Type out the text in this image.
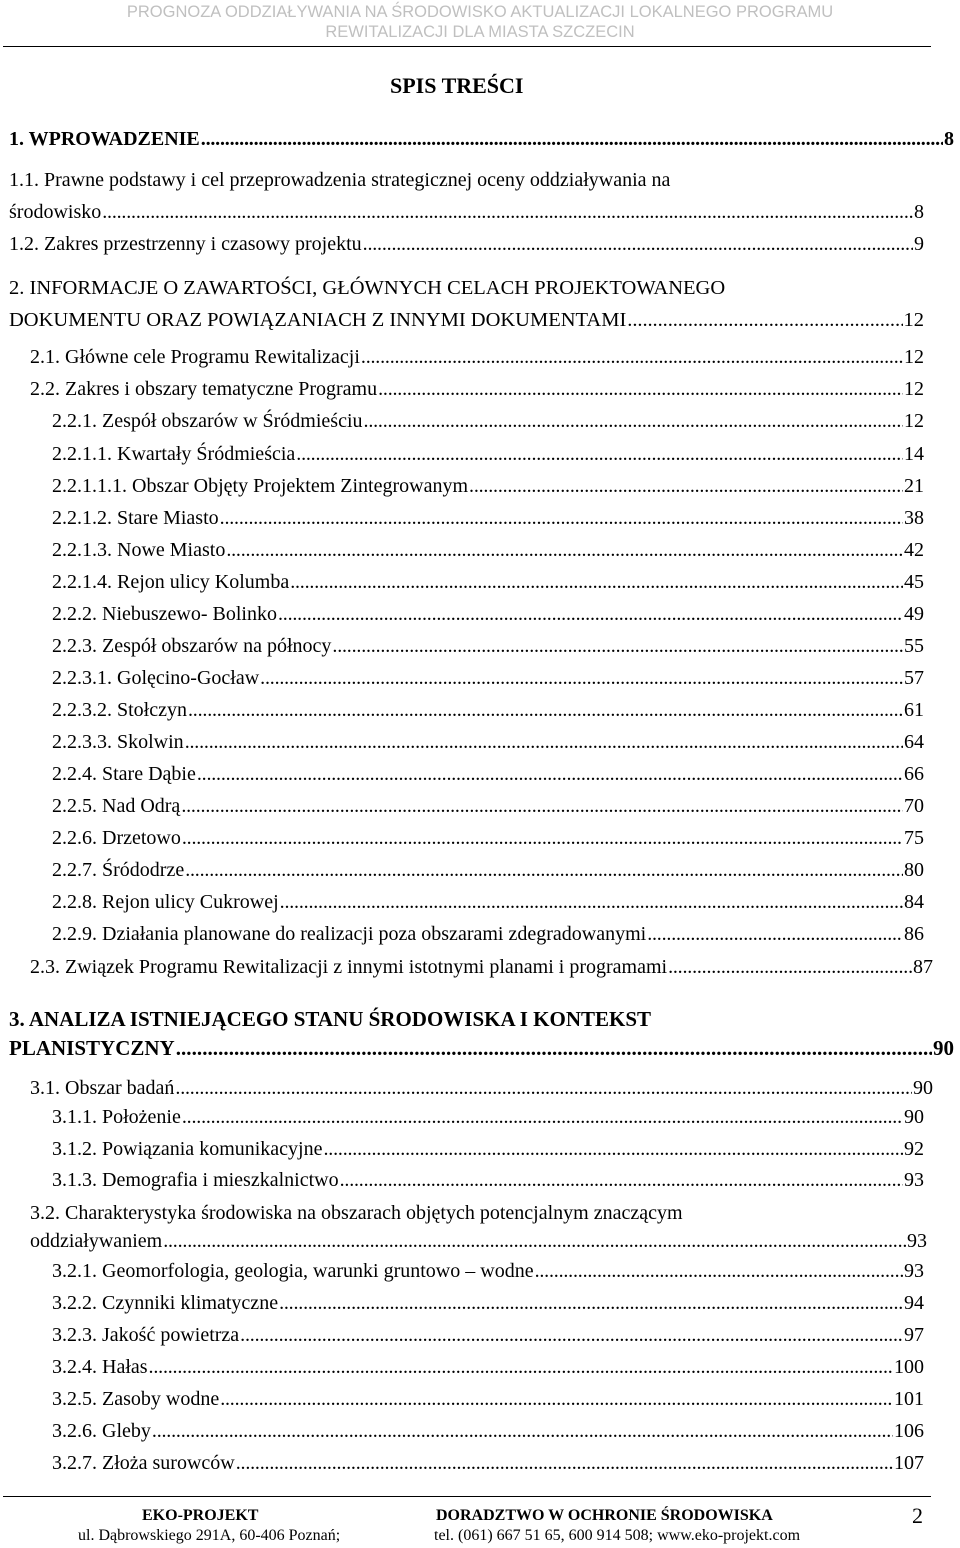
PROGNOZA ODDZIAŁYWANIA NA ŚRODOWISKO AKTUALIZACJI LOKALNEGO PROGRAMU
REWITALIZACJI DLA MIASTA SZCZECIN
SPIS TREŚCI
1. WPROWADZENIE . . .	8
1.1. Prawne podstawy i cel przeprowadzenia strategicznej oceny oddziaływania na
środowisko . . .	8
1.2. Zakres przestrzenny i czasowy projektu . . .	9
2. INFORMACJE O ZAWARTOŚCI, GŁÓWNYCH CELACH PROJEKTOWANEGO
DOKUMENTU ORAZ POWIĄZANIACH Z INNYMI DOKUMENTAMI . . .	12
2.1. Główne cele Programu Rewitalizacji . . .	12
2.2. Zakres i obszary tematyczne Programu . . .	12
2.2.1. Zespół obszarów w Śródmieściu . . .	12
2.2.1.1. Kwartały Śródmieścia . . .	14
2.2.1.1.1. Obszar Objęty Projektem Zintegrowanym . . .	21
2.2.1.2. Stare Miasto . . .	38
2.2.1.3. Nowe Miasto . . .	42
2.2.1.4. Rejon ulicy Kolumba . . .	45
2.2.2. Niebuszewo- Bolinko . . .	49
2.2.3. Zespół obszarów na północy . . .	55
2.2.3.1. Golęcino-Gocław . . .	57
2.2.3.2. Stołczyn . . .	61
2.2.3.3. Skolwin . . .	64
2.2.4. Stare Dąbie . . .	66
2.2.5. Nad Odrą . . .	70
2.2.6. Drzetowo . . .	75
2.2.7. Śródodrze . . .	80
2.2.8. Rejon ulicy Cukrowej . . .	84
2.2.9. Działania planowane do realizacji poza obszarami zdegradowanymi . . .	86
2.3. Związek Programu Rewitalizacji z innymi istotnymi planami i programami . . .	87
3. ANALIZA ISTNIEJĄCEGO STANU ŚRODOWISKA I KONTEKST
PLANISTYCZNY . . .	90
3.1. Obszar badań . . .	90
3.1.1. Położenie . . .	90
3.1.2. Powiązania komunikacyjne . . .	92
3.1.3. Demografia i mieszkalnictwo . . .	93
3.2. Charakterystyka środowiska na obszarach objętych potencjalnym znaczącym
oddziaływaniem . . .	93
3.2.1. Geomorfologia, geologia, warunki gruntowo – wodne . . .	93
3.2.2. Czynniki klimatyczne . . .	94
3.2.3. Jakość powietrza . . .	97
3.2.4. Hałas . . .	100
3.2.5. Zasoby wodne . . .	101
3.2.6. Gleby . . .	106
3.2.7. Złoża surowców . . .	107
EKO-PROJEKT
ul. Dąbrowskiego 291A, 60-406 Poznań;
DORADZTWO W OCHRONIE ŚRODOWISKA
tel. (061) 667 51 65, 600 914 508; www.eko-projekt.com
2
